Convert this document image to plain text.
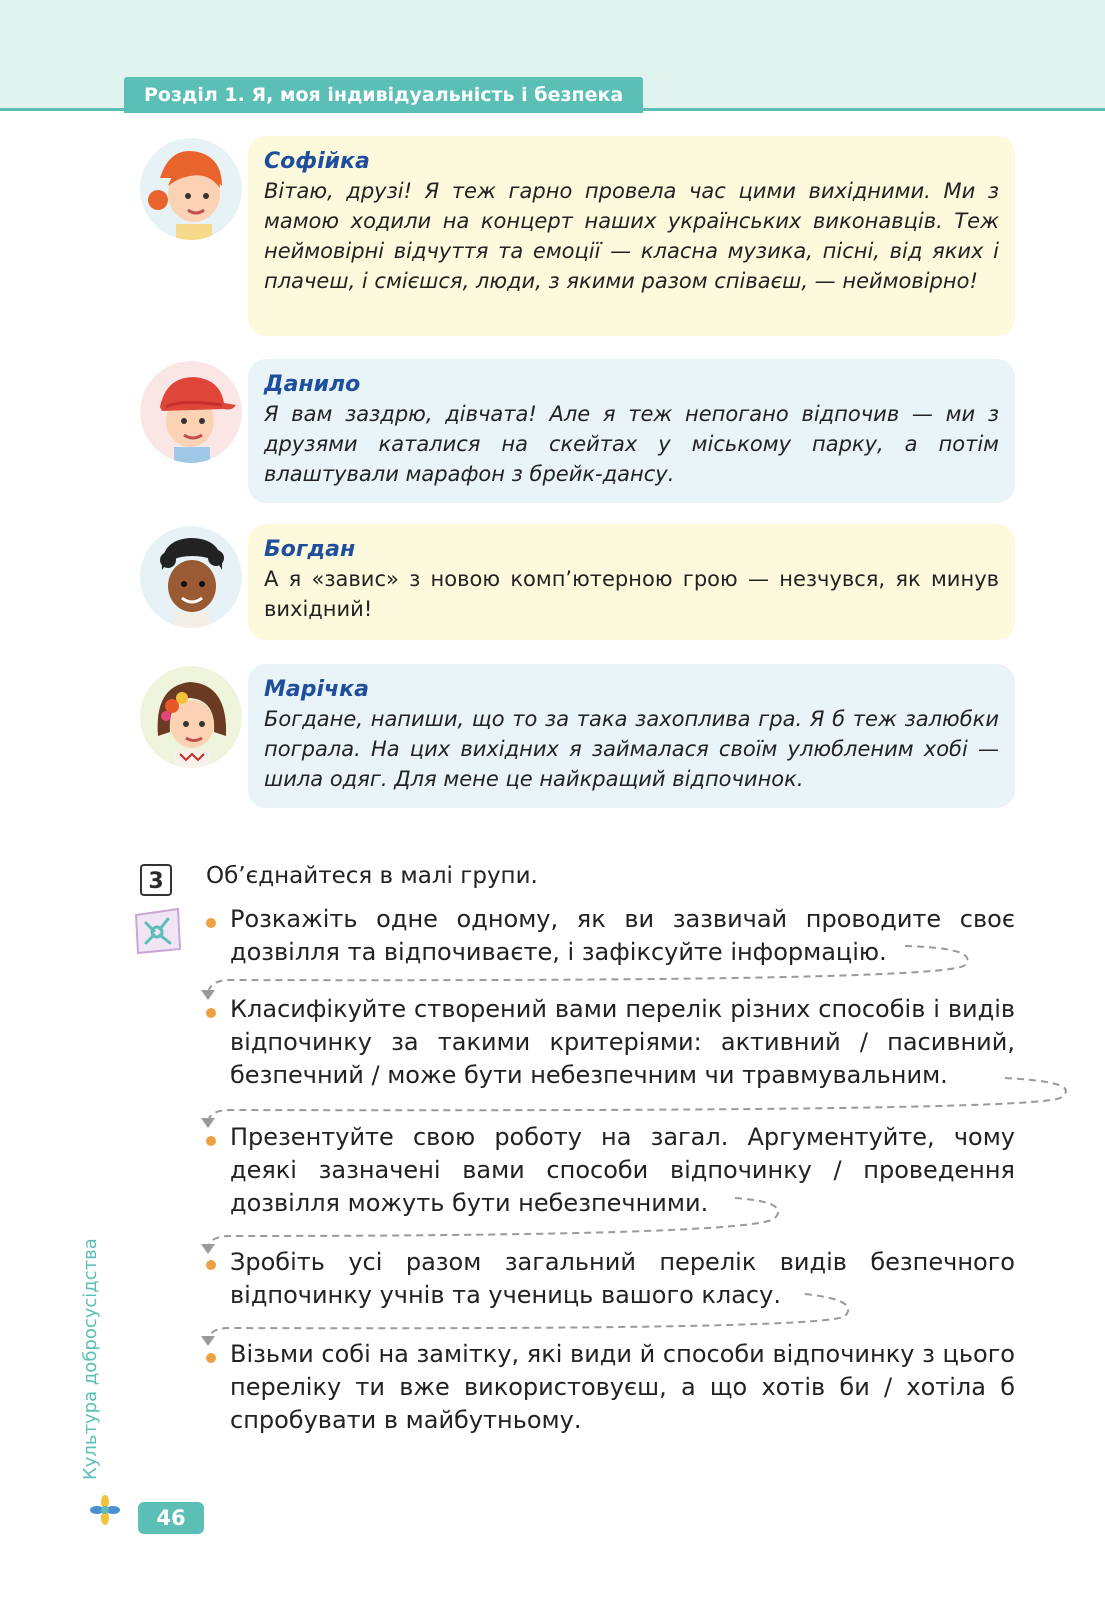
Розділ 1. Я, моя індивідуальність і безпека
Софійка
Вітаю, друзі! Я теж гарно провела час цими вихідними. Ми з мамою ходили на концерт наших українських виконавців. Теж неймовірні відчуття та емоції — класна музика, пісні, від яких і плачеш, і смієшся, люди, з якими разом співаєш, — неймовірно!
Данило
Я вам заздрю, дівчата! Але я теж непогано відпочив — ми з друзями каталися на скейтах у міському парку, а потім влаштували марафон з брейк-дансу.
Богдан
А я «завис» з новою комп’ютерною грою — незчувся, як минув вихідний!
Марічка
Богдане, напиши, що то за така захоплива гра. Я б теж залюбки пограла. На цих вихідних я займалася своїм улюбленим хобі — шила одяг. Для мене це найкращий відпочинок.
3	Об’єднайтеся в малі групи.
Розкажіть одне одному, як ви зазвичай проводите своє дозвілля та відпочиваєте, і зафіксуйте інформацію.
Класифікуйте створений вами перелік різних способів і видів відпочинку за такими критеріями: активний / пасивний, безпечний / може бути небезпечним чи травмувальним.
Презентуйте свою роботу на загал. Аргументуйте, чому деякі зазначені вами способи відпочинку / проведення дозвілля можуть бути небезпечними.
Зробіть усі разом загальний перелік видів безпечного відпочинку учнів та учениць вашого класу.
Візьми собі на замітку, які види й способи відпочинку з цього переліку ти вже використовуєш, а що хотів би / хотіла б спробувати в майбутньому.
Культура добросусідства
46
